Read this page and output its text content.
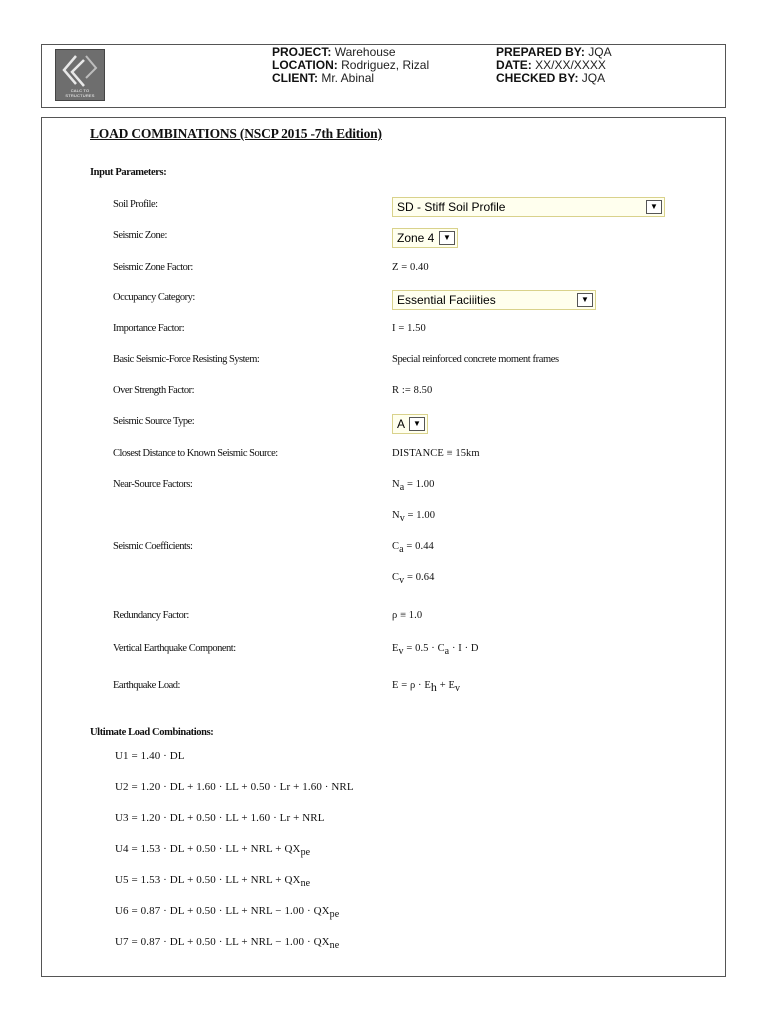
CALC TO STRUCTURES
PROJECT: Warehouse
LOCATION: Rodriguez, Rizal
CLIENT: Mr. Abinal
PREPARED BY: JQA
DATE: XX/XX/XXXX
CHECKED BY: JQA
LOAD COMBINATIONS (NSCP 2015 -7th Edition)
Input Parameters:
Soil Profile:	SD - Stiff Soil Profile	▼
Seismic Zone:	Zone 4	▼
Seismic Zone Factor:	Z = 0.40
Occupancy Category:	Essential Faciiities	▼
Importance Factor:	I = 1.50
Basic Seismic-Force Resisting System:	Special reinforced concrete moment frames
Over Strength Factor:	R := 8.50
Seismic Source Type:	A	▼
Closest Distance to Known Seismic Source:	DISTANCE ≡ 15km
Near-Source Factors:	$N_a = 1.00$
$N_v = 1.00$
Seismic Coefficients:	$C_a = 0.44$
$C_v = 0.64$
Redundancy Factor:	ρ ≡ 1.0
Vertical Earthquake Component:	$E_v = 0.5 \cdot C_a \cdot I \cdot D$
Earthquake Load:	$E = \rho \cdot E_h + E_v$
Ultimate Load Combinations:
U1 = 1.40 · DL
U2 = 1.20 · DL + 1.60 · LL + 0.50 · Lr + 1.60 · NRL
U3 = 1.20 · DL + 0.50 · LL + 1.60 · Lr + NRL
U4 = 1.53 · DL + 0.50 · LL + NRL + $QX_{pe}$
U5 = 1.53 · DL + 0.50 · LL + NRL + $QX_{ne}$
U6 = 0.87 · DL + 0.50 · LL + NRL − $1.00 \cdot QX_{pe}$
U7 = 0.87 · DL + 0.50 · LL + NRL − $1.00 \cdot QX_{ne}$
